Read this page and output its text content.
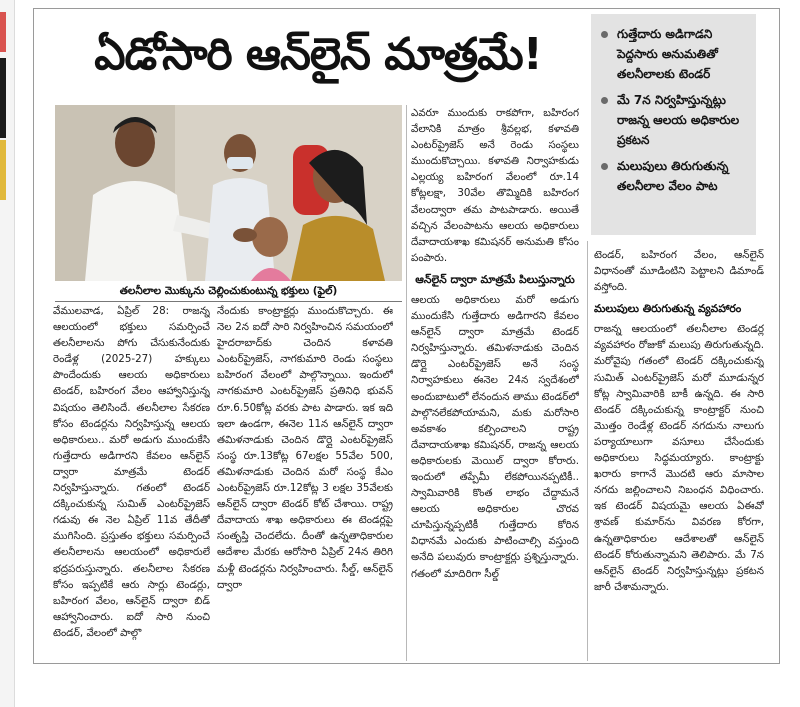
ఏడోసారి ఆన్‌లైన్ మాత్రమే!	గుత్తేదారు అడిగాడని పెద్దసారు అనుమతితో తలనీలాలకు టెండర్
మే 7న నిర్వహిస్తున్నట్లు రాజన్న ఆలయ అధికారుల ప్రకటన
మలుపులు తిరుగుతున్న తలనీలాల వేలం పాట
తలనీలాల మొక్కును చెల్లించుకుంటున్న భక్తులు (ఫైల్)

వేములవాడ, ఏప్రిల్ 28: రాజన్న ఆలయంలో భక్తులు సమర్పించే తలనీలాలను పోగు చేసుకునేందుకు రెండేళ్ల (2025-27) హక్కులు పొందేందుకు ఆలయ అధికారులు టెండర్, బహిరంగ వేలం ఆహ్వానిస్తున్న విషయం తెలిసిందే. తలనీలాల సేకరణ కోసం టెండర్లను నిర్వహిస్తున్న ఆలయ అధికారులు.. మరో అడుగు ముందుకేసి గుత్తేదారు అడిగారని కేవలం ఆన్‌లైన్ ద్వారా మాత్రమే టెండర్ నిర్వహిస్తున్నారు. గతంలో టెండర్ దక్కించుకున్న సుమిత్ ఎంటర్‌ప్రైజెస్ గడువు ఈ నెల ఏప్రిల్ 11వ తేదీతో ముగిసింది. ప్రస్తుతం భక్తులు సమర్పించే తలనీలాలను ఆలయంలో అధికారులే భద్రపరుస్తున్నారు. తలనీలాల సేకరణ కోసం ఇప్పటికే ఆరు సార్లు టెండర్లు, బహిరంగ వేలం, ఆన్‌లైన్ ద్వారా బిడ్ ఆహ్వానించారు. ఐదో సారి నుంచి టెండర్, వేలంలో పాల్గొ

నేందుకు కాంట్రాక్టర్లు ముందుకొచ్చారు. ఈ నెల 2న ఐదో సారి నిర్వహించిన సమయంలో హైదరాబాద్‌కు చెందిన కళావతి ఎంటర్‌ప్రైజెస్, నాగకుమారి రెండు సంస్థలు బహిరంగ వేలంలో పాల్గొన్నాయి. ఇందులో నాగకుమారి ఎంటర్‌ప్రైజెస్ ప్రతినిధి భువన్ రూ.6.50కోట్ల వరకు పాట పాడారు. ఇక ఇది ఇలా ఉండగా, ఈనెల 11న ఆన్‌లైన్ ద్వారా తమిళనాడుకు చెందిన డొర్లై ఎంటర్‌ప్రైజెస్ సంస్థ రూ.13కోట్ల 67లక్షల 55వేల 500, తమిళనాడుకు చెందిన మరో సంస్థ కేఎం ఎంటర్‌ప్రైజెస్ రూ.12కోట్ల 3 లక్షల 35వేలకు ఆన్‌లైన్ ద్వారా టెండర్ కోట్ చేశాయి. రాష్ట్ర దేవాదాయ శాఖ అధికారులు ఈ టెండర్లపై సంతృప్తి చెందలేదు. దీంతో ఉన్నతాధికారుల ఆదేశాల మేరకు ఆరోసారి ఏప్రిల్ 24న తిరిగి మళ్లీ టెండర్లను నిర్వహించారు. సీల్డ్, ఆన్‌లైన్ ద్వారా

ఎవరూ ముందుకు రాకపోగా, బహిరంగ వేలానికి మాత్రం శ్రీవల్లభ, కళావతి ఎంటర్‌ప్రైజెస్ అనే రెండు సంస్థలు ముందుకొచ్చాయి. కళావతి నిర్వాహకుడు ఎల్లయ్య బహిరంగ వేలంలో రూ.14 కోట్లలక్షా, 30వేల తొమ్మిదికి బహిరంగ వేలంద్వారా తమ పాటపాడారు. అయితే వచ్చిన వేలంపాటను ఆలయ అధికారులు దేవాదాయశాఖ కమిషనర్ అనుమతి కోసం పంపారు.

ఆన్‌లైన్ ద్వారా మాత్రమే పిలుస్తున్నారు

ఆలయ అధికారులు మరో అడుగు ముందుకేసి గుత్తేదారు అడిగారని కేవలం ఆన్‌లైన్ ద్వారా మాత్రమే టెండర్ నిర్వహిస్తున్నారు. తమిళనాడుకు చెందిన డొర్లై ఎంటర్‌ప్రైజెస్ అనే సంస్థ నిర్వాహకులు ఈనెల 24న స్వదేశంలో అందుబాటులో లేనందున తాము టెండర్‌లో పాల్గొనలేకపోయామని, మకు మరోసారి అవకాశం కల్పించాలని రాష్ట్ర దేవాదాయశాఖ కమిషనర్, రాజన్న ఆలయ అధికారులకు మెయిల్ ద్వారా కోరారు. ఇందులో తప్పేమీ లేకపోయినప్పటికీ.. స్వామివారికి కొంత లాభం చేద్దామనే ఆలయ అధికారుల చొరవ చూపిస్తున్నప్పటికీ గుత్తేదారు కోరిన విధానమే ఎందుకు పాటించాల్సి వస్తుంది అనేది పలువురు కాంట్రాక్టర్లు ప్రశ్నిస్తున్నారు. గతంలో మాదిరిగా సీల్డ్

టెండర్, బహిరంగ వేలం, ఆన్‌లైన్ విధానంతో మూడింటిని పెట్టాలని డిమాండ్ వస్తోంది.

మలుపులు తిరుగుతున్న వ్యవహారం

రాజన్న ఆలయంలో తలనీలాల టెండర్ల వ్యవహారం రోజుకో మలుపు తిరుగుతున్నది. మరోవైపు గతంలో టెండర్ దక్కించుకున్న సుమిత్ ఎంటర్‌ప్రైజెస్ మరో మూడున్నర కోట్ల స్వామివారికి బాకీ ఉన్నది. ఈ సారి టెండర్ దక్కించుకున్న కాంట్రాక్టర్ నుంచి మొత్తం రెండేళ్ల టెండర్ నగదును నాలుగు పర్యాయాలుగా వసూలు చేసేందుకు అధికారులు సిద్ధమయ్యారు. కాంట్రాక్టు ఖరారు కాగానే మొదటి ఆరు మాసాల నగదు జల్లించాలని నిబంధన విధించారు. ఇక టెండర్ విషయమై ఆలయ ఏఈవో శ్రావణ్ కుమార్‌ను వివరణ కోరగా, ఉన్నతాధికారుల ఆదేశాలతో ఆన్‌లైన్ టెండర్ కోరుతున్నామని తెలిపారు. మే 7న ఆన్‌లైన్ టెండర్ నిర్వహిస్తున్నట్లు ప్రకటన జారీ చేశామన్నారు.
